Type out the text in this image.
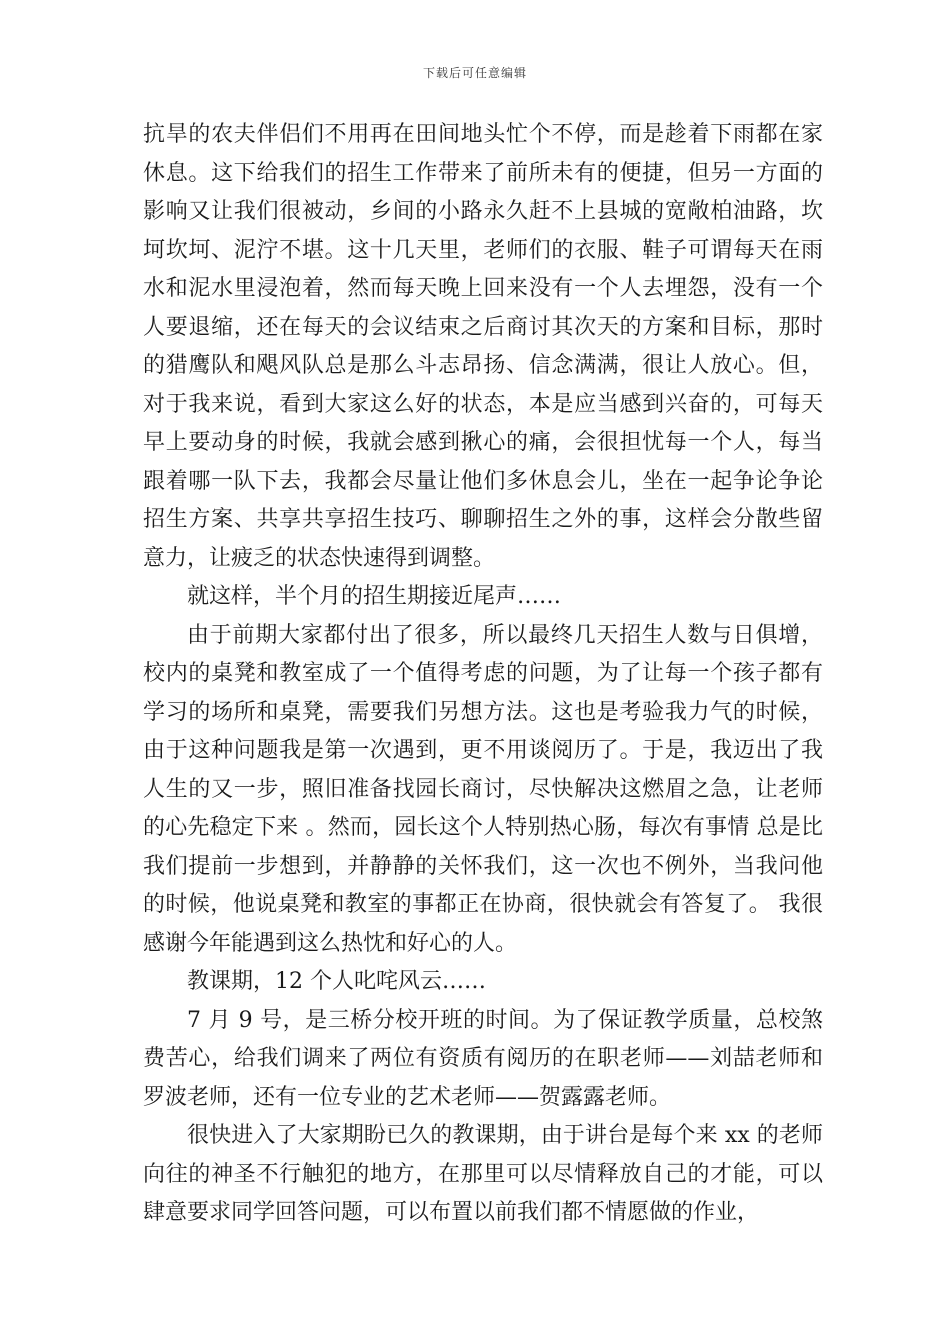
下载后可任意编辑

抗旱的农夫伴侣们不用再在田间地头忙个不停，而是趁着下雨都在家休息。这下给我们的招生工作带来了前所未有的便捷，但另一方面的影响又让我们很被动，乡间的小路永久赶不上县城的宽敞柏油路，坎坷坎坷、泥泞不堪。这十几天里，老师们的衣服、鞋子可谓每天在雨水和泥水里浸泡着，然而每天晚上回来没有一个人去埋怨，没有一个人要退缩，还在每天的会议结束之后商讨其次天的方案和目标，那时的猎鹰队和飓风队总是那么斗志昂扬、信念满满，很让人放心。但，对于我来说，看到大家这么好的状态，本是应当感到兴奋的，可每天早上要动身的时候，我就会感到揪心的痛，会很担忧每一个人，每当跟着哪一队下去，我都会尽量让他们多休息会儿，坐在一起争论争论招生方案、共享共享招生技巧、聊聊招生之外的事，这样会分散些留意力，让疲乏的状态快速得到调整。

就这样，半个月的招生期接近尾声……

由于前期大家都付出了很多，所以最终几天招生人数与日俱增，校内的桌凳和教室成了一个值得考虑的问题，为了让每一个孩子都有学习的场所和桌凳，需要我们另想方法。这也是考验我力气的时候，由于这种问题我是第一次遇到，更不用谈阅历了。于是，我迈出了我人生的又一步，照旧准备找园长商讨，尽快解决这燃眉之急，让老师的心先稳定下来 。然而，园长这个人特别热心肠，每次有事情 总是比我们提前一步想到，并静静的关怀我们，这一次也不例外，当我问他的时候，他说桌凳和教室的事都正在协商，很快就会有答复了。 我很感谢今年能遇到这么热忱和好心的人。

教课期，12 个人叱咤风云……

7 月 9 号，是三桥分校开班的时间。为了保证教学质量，总校煞费苦心，给我们调来了两位有资质有阅历的在职老师——刘喆老师和罗波老师，还有一位专业的艺术老师——贺露露老师。

很快进入了大家期盼已久的教课期，由于讲台是每个来 xx 的老师向往的神圣不行触犯的地方，在那里可以尽情释放自己的才能，可以肆意要求同学回答问题，可以布置以前我们都不情愿做的作业，
